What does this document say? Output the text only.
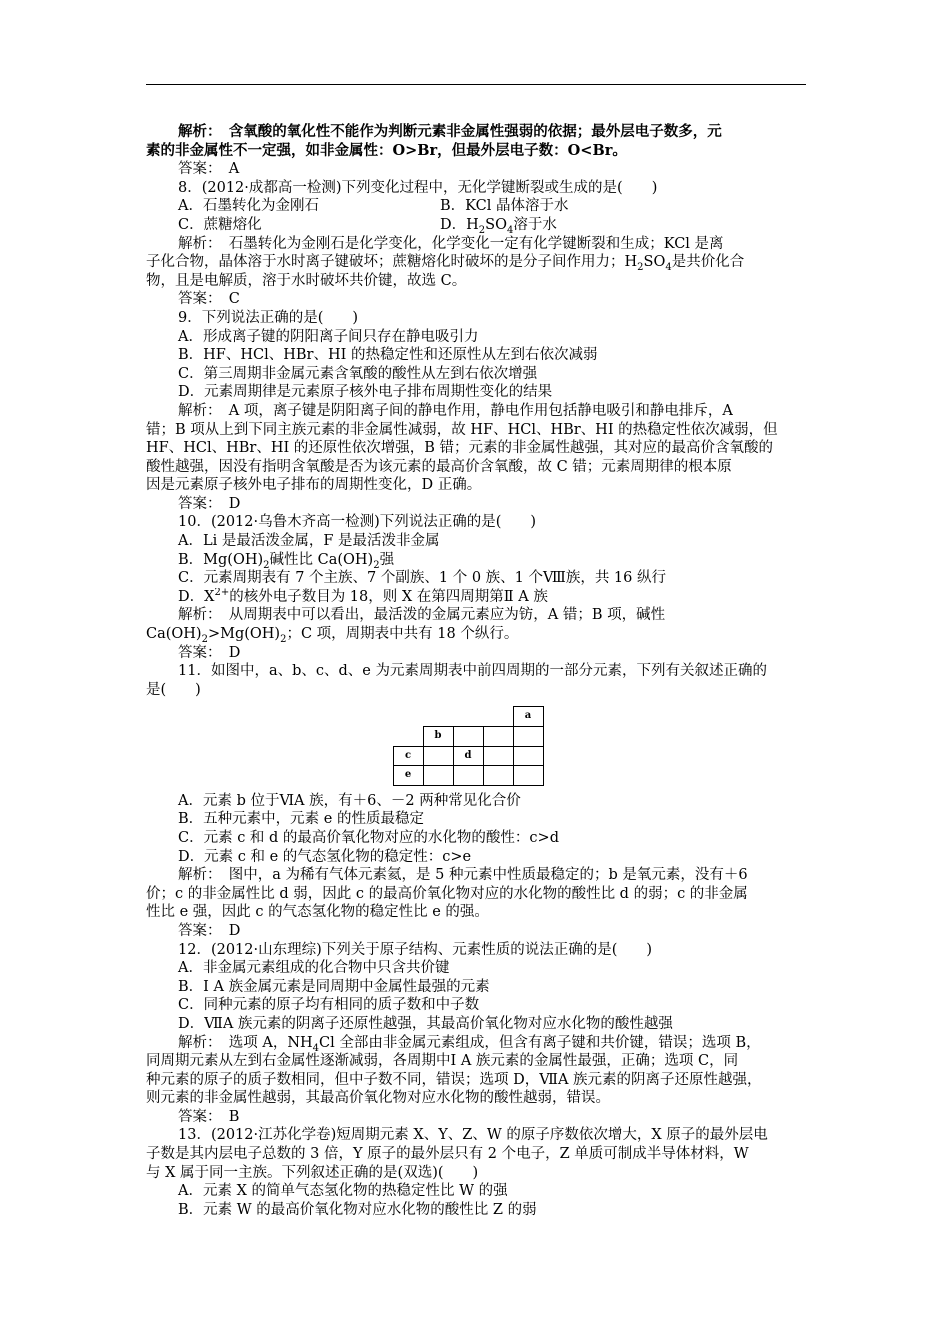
解析：　含氧酸的氧化性不能作为判断元素非金属性强弱的依据；最外层电子数多，元

素的非金属性不一定强，如非金属性：O>Br，但最外层电子数：O<Br。

答案：　A

8．(2012·成都高一检测)下列变化过程中，无化学键断裂或生成的是(　　)

A．石墨转化为金刚石	B．KCl 晶体溶于水
C．蔗糖熔化	D．$H_2SO_4$溶于水

解析：　石墨转化为金刚石是化学变化，化学变化一定有化学键断裂和生成；KCl 是离

子化合物，晶体溶于水时离子键破坏；蔗糖熔化时破坏的是分子间作用力；$H_2SO_4$是共价化合

物，且是电解质，溶于水时破坏共价键，故选 C。

答案：　C

9．下列说法正确的是(　　)

A．形成离子键的阴阳离子间只存在静电吸引力

B．HF、HCl、HBr、HI 的热稳定性和还原性从左到右依次减弱

C．第三周期非金属元素含氧酸的酸性从左到右依次增强

D．元素周期律是元素原子核外电子排布周期性变化的结果

解析：　A 项，离子键是阴阳离子间的静电作用，静电作用包括静电吸引和静电排斥，A

错；B 项从上到下同主族元素的非金属性减弱，故 HF、HCl、HBr、HI 的热稳定性依次减弱，但

HF、HCl、HBr、HI 的还原性依次增强，B 错；元素的非金属性越强，其对应的最高价含氧酸的

酸性越强，因没有指明含氧酸是否为该元素的最高价含氧酸，故 C 错；元素周期律的根本原

因是元素原子核外电子排布的周期性变化，D 正确。

答案：　D

10．(2012·乌鲁木齐高一检测)下列说法正确的是(　　)

A．Li 是最活泼金属，F 是最活泼非金属

B．$Mg(OH)_2$碱性比 $Ca(OH)_2$强

C．元素周期表有 7 个主族、7 个副族、1 个 0 族、1 个Ⅷ族，共 16 纵行

D．$X^{2+}$的核外电子数目为 18，则 X 在第四周期第Ⅱ A 族

解析：　从周期表中可以看出，最活泼的金属元素应为钫，A 错；B 项，碱性

$Ca(OH)_2>Mg(OH)_2$；C 项，周期表中共有 18 个纵行。

答案：　D

11．如图中，a、b、c、d、e 为元素周期表中前四周期的一部分元素，下列有关叙述正确的

是(　　)

				a
	b			
c		d		
e				

A．元素 b 位于ⅥA 族，有＋6、－2 两种常见化合价

B．五种元素中，元素 e 的性质最稳定

C．元素 c 和 d 的最高价氧化物对应的水化物的酸性：c>d

D．元素 c 和 e 的气态氢化物的稳定性：c>e

解析：　图中，a 为稀有气体元素氦，是 5 种元素中性质最稳定的；b 是氧元素，没有＋6

价；c 的非金属性比 d 弱，因此 c 的最高价氧化物对应的水化物的酸性比 d 的弱；c 的非金属

性比 e 强，因此 c 的气态氢化物的稳定性比 e 的强。

答案：　D

12．(2012·山东理综)下列关于原子结构、元素性质的说法正确的是(　　)

A．非金属元素组成的化合物中只含共价键

B．Ⅰ A 族金属元素是同周期中金属性最强的元素

C．同种元素的原子均有相同的质子数和中子数

D．ⅦA 族元素的阴离子还原性越强，其最高价氧化物对应水化物的酸性越强

解析：　选项 A，$NH_4Cl$ 全部由非金属元素组成，但含有离子键和共价键，错误；选项 B，

同周期元素从左到右金属性逐渐减弱，各周期中Ⅰ A 族元素的金属性最强，正确；选项 C，同

种元素的原子的质子数相同，但中子数不同，错误；选项 D，ⅦA 族元素的阴离子还原性越强，

则元素的非金属性越弱，其最高价氧化物对应水化物的酸性越弱，错误。

答案：　B

13．(2012·江苏化学卷)短周期元素 X、Y、Z、W 的原子序数依次增大，X 原子的最外层电

子数是其内层电子总数的 3 倍，Y 原子的最外层只有 2 个电子，Z 单质可制成半导体材料，W

与 X 属于同一主族。下列叙述正确的是(双选)(　　)

A．元素 X 的简单气态氢化物的热稳定性比 W 的强

B．元素 W 的最高价氧化物对应水化物的酸性比 Z 的弱
